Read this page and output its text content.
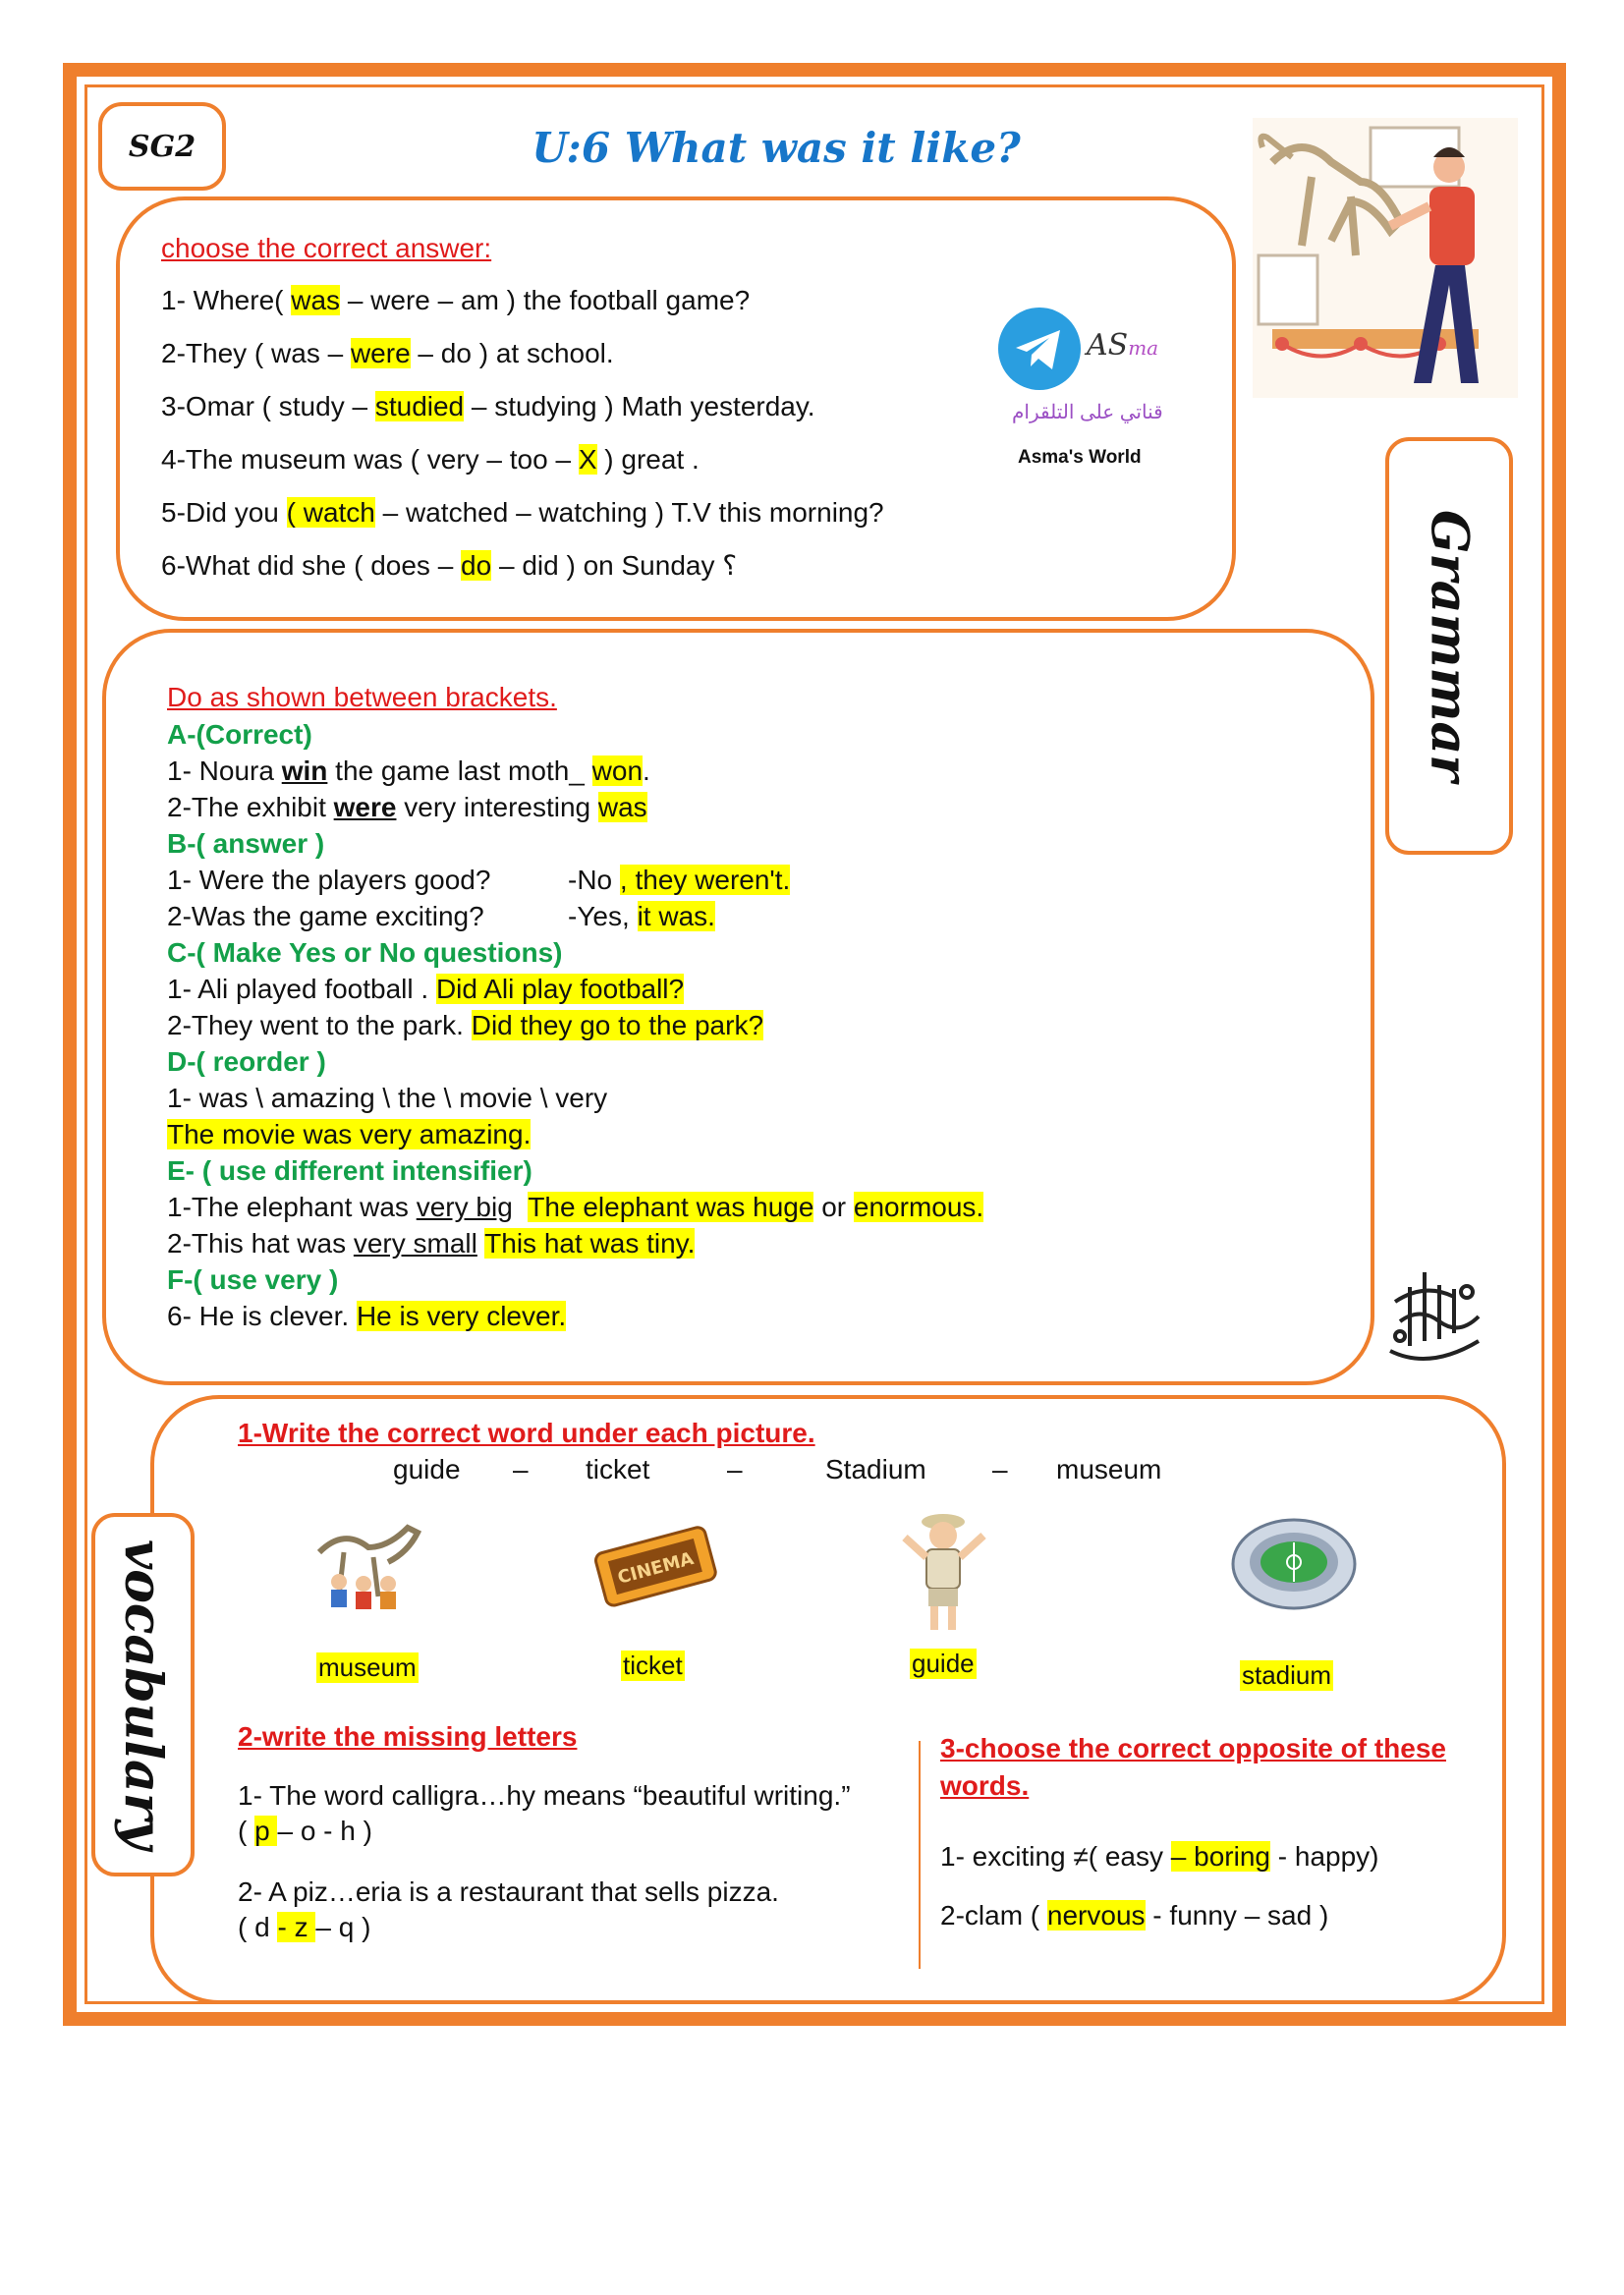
SG2	U:6 What was it like?
choose the correct answer:
1- Where( was – were – am ) the football game?
2-They ( was – were – do ) at school.
3-Omar ( study – studied – studying ) Math yesterday.
4-The museum was ( very – too – X ) great .
5-Did you ( watch – watched – watching ) T.V this morning?
6-What did she ( does – do – did ) on Sunday ؟
ASma
قناتي على التلقرام
Asma's World
Grammar
Do as shown between brackets.
A-(Correct)
1- Noura win the game last moth_ won.
2-The exhibit were very interesting was
B-( answer )
1- Were the players good?	-No , they weren't.
2-Was the game exciting?	-Yes, it was.
C-( Make Yes or No questions)
1- Ali played football . Did Ali play football?
2-They went to the park. Did they go to the park?
D-( reorder )
1- was \ amazing \ the \ movie \ very
The movie was very amazing.
E- ( use different intensifier)
1-The elephant was very big The elephant was huge or enormous.
2-This hat was very small This hat was tiny.
F-( use very )
6- He is clever. He is very clever.
vocabulary
1-Write the correct word under each picture.
guide – ticket	–	Stadium – museum
CINEMA
museum	ticket	guide	stadium
2-write the missing letters
1- The word calligra…hy means “beautiful writing.”
( p – o - h )
2- A piz…eria is a restaurant that sells pizza.
( d - z – q )
3-choose the correct opposite of these
words.
1- exciting ≠( easy – boring - happy)
2-clam ( nervous - funny – sad )
